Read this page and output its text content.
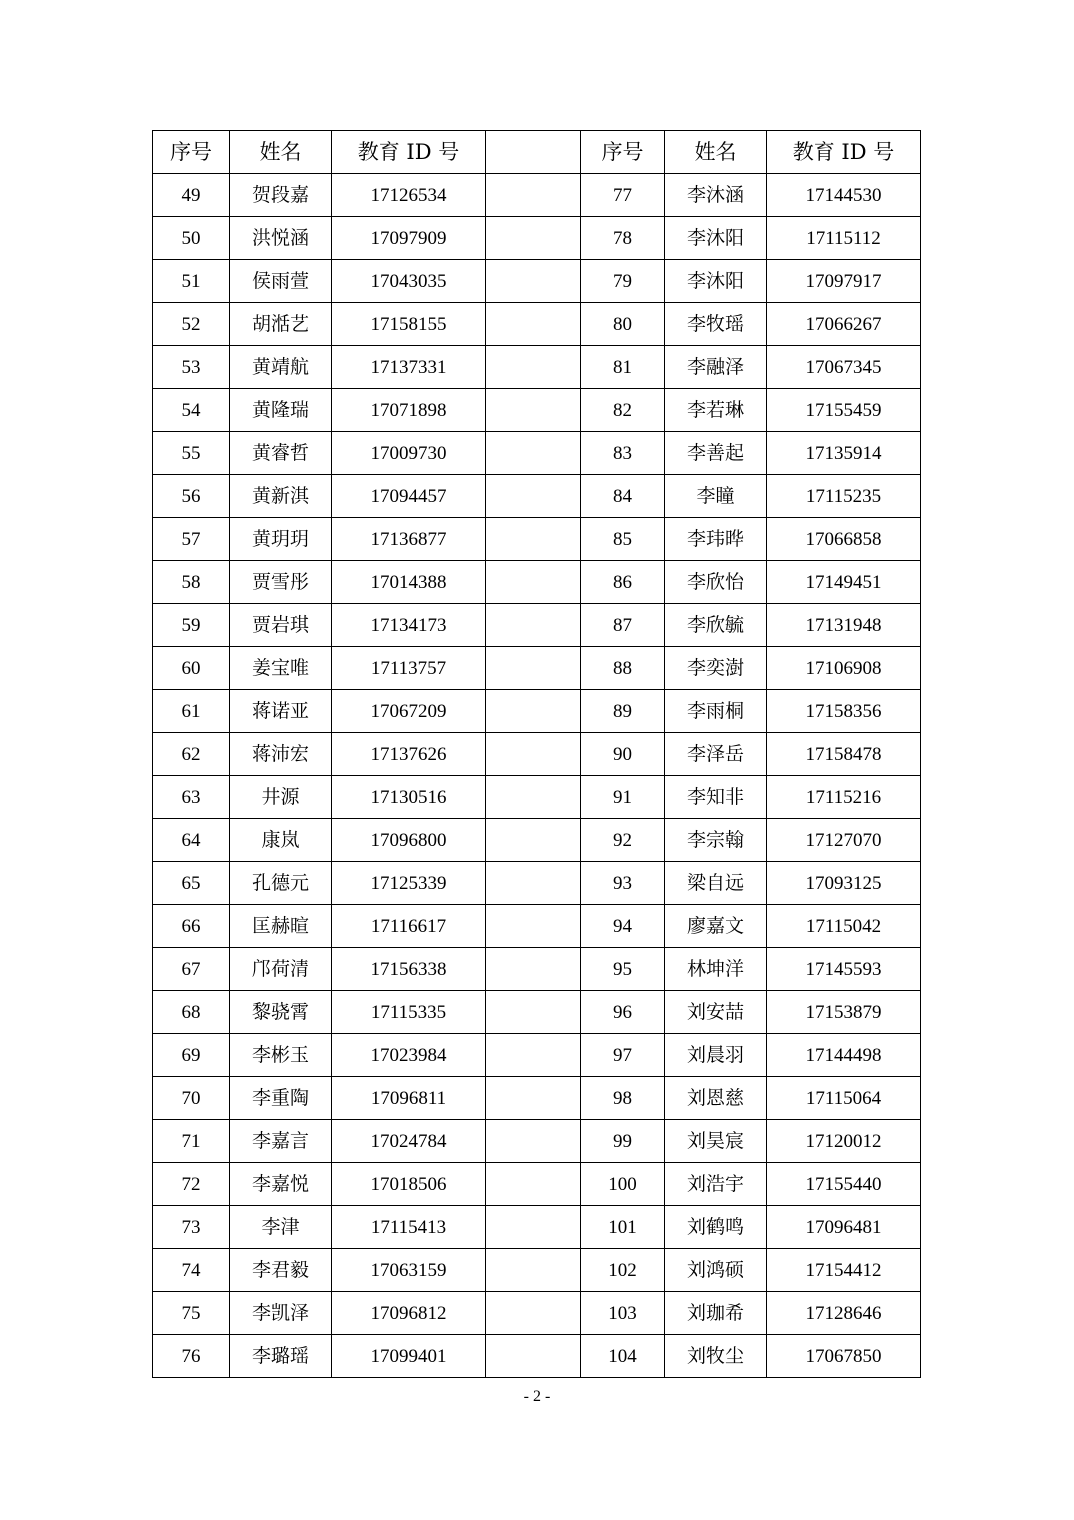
序号	姓名	教育 ID 号	
49	贺段嘉	17126534	
50	洪悦涵	17097909	
51	侯雨萱	17043035	
52	胡湉艺	17158155	
53	黄靖航	17137331	
54	黄隆瑞	17071898	
55	黄睿哲	17009730	
56	黄新淇	17094457	
57	黄玥玥	17136877	
58	贾雪彤	17014388	
59	贾岩琪	17134173	
60	姜宝唯	17113757	
61	蒋诺亚	17067209	
62	蒋沛宏	17137626	
63	井源	17130516	
64	康岚	17096800	
65	孔德元	17125339	
66	匡赫暄	17116617	
67	邝荷清	17156338	
68	黎骁霄	17115335	
69	李彬玉	17023984	
70	李重陶	17096811	
71	李嘉言	17024784	
72	李嘉悦	17018506	
73	李津	17115413	
74	李君毅	17063159	
75	李凯泽	17096812	
76	李璐瑶	17099401	
序号	姓名	教育 ID 号
77	李沐涵	17144530
78	李沐阳	17115112
79	李沐阳	17097917
80	李牧瑶	17066267
81	李融泽	17067345
82	李若琳	17155459
83	李善起	17135914
84	李瞳	17115235
85	李玮晔	17066858
86	李欣怡	17149451
87	李欣毓	17131948
88	李奕澍	17106908
89	李雨桐	17158356
90	李泽岳	17158478
91	李知非	17115216
92	李宗翰	17127070
93	梁自远	17093125
94	廖嘉文	17115042
95	林坤洋	17145593
96	刘安喆	17153879
97	刘晨羽	17144498
98	刘恩慈	17115064
99	刘昊宸	17120012
100	刘浩宇	17155440
101	刘鹤鸣	17096481
102	刘鸿硕	17154412
103	刘珈希	17128646
104	刘牧尘	17067850
- 2 -
